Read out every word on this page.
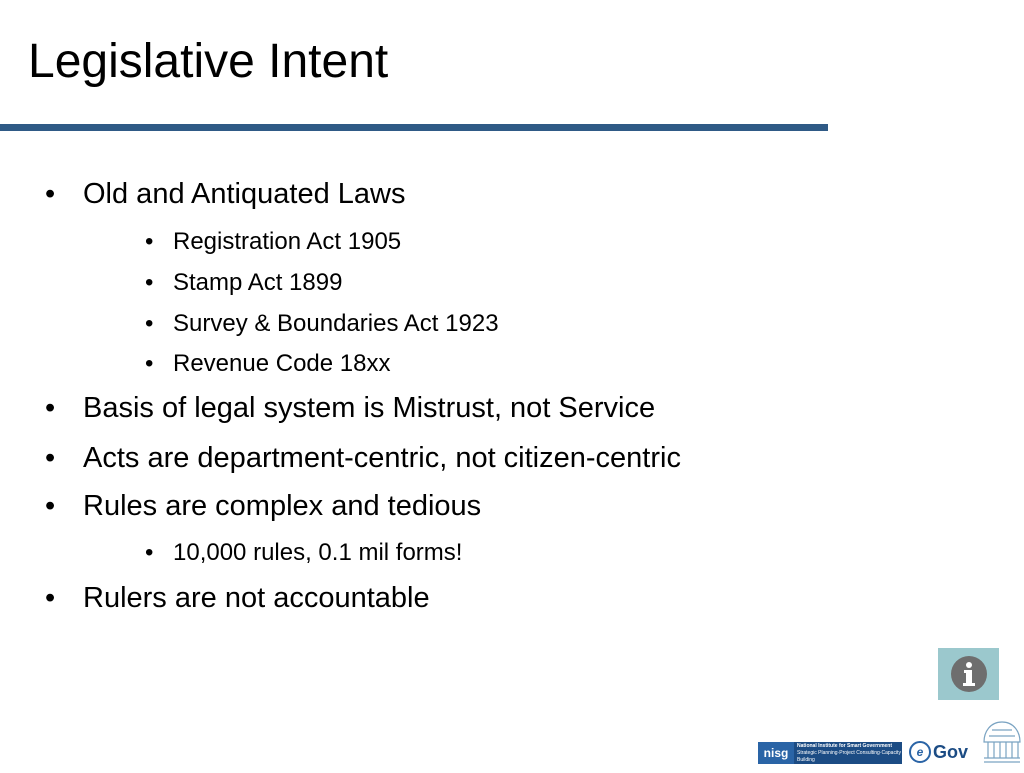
Legislative Intent
• Old and Antiquated Laws
• Registration Act 1905
• Stamp Act 1899
• Survey & Boundaries Act 1923
• Revenue Code 18xx
• Basis of legal system is Mistrust, not Service
• Acts are department-centric, not citizen-centric
• Rules are complex and tedious
• 10,000 rules, 0.1 mil forms!
• Rulers are not accountable
nisg
National Institute for Smart Government
Strategic Planning·Project Consulting·Capacity Building
e Gov
